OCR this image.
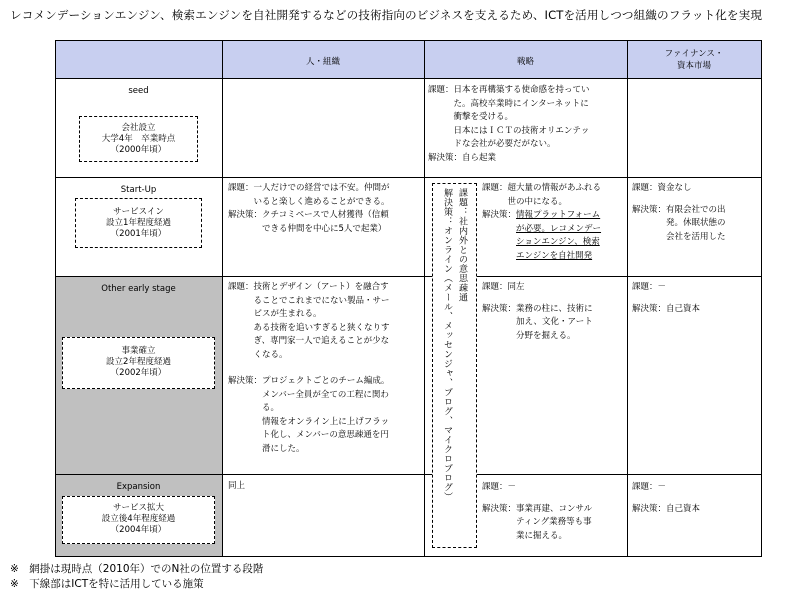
レコメンデーションエンジン、検索エンジンを自社開発するなどの技術指向のビジネスを支えるため、ICTを活用しつつ組織のフラット化を実現
人・組織	戦略
ファイナンス・
資本市場
seed
会社設立
大学4年　卒業時点
（2000年頃）
Start-Up
サービスイン
設立1年程度経過
（2001年頃）
Other early stage
事業確立
設立2年程度経過
（2002年頃）
Expansion
サービス拡大
設立後4年程度経過
（2004年頃）
課題： 一人だけでの経営では不安。仲間が
いると楽しく進めることができる。
解決策： クチコミベースで人材獲得（信頼
できる仲間を中心に5人で起業）
課題： 技術とデザイン（アート）を融合す
ることでこれまでにない製品・サー
ビスが生まれる。
ある技術を追いすぎると狭くなりす
ぎ、専門家一人で追えることが少な
くなる。
解決策： プロジェクトごとのチーム編成。
メンバー全員が全ての工程に関わ
る。
情報をオンライン上に上げフラッ
ト化し、メンバーの意思疎通を円
滑にした。
同上
課題： 日本を再構築する使命感を持ってい
た。高校卒業時にインターネットに
衝撃を受ける。
日本にはＩＣＴの技術オリエンテッ
ドな会社が必要だがない。
解決策： 自ら起業
課題：社内外との意思疎通
解決策：オンライン（メール、メッセンジャ、ブログ、マイクロブログ）	課題： 超大量の情報があふれる
世の中になる。
解決策： 情報プラットフォーム
が必要。レコメンデー
ションエンジン、検索
エンジンを自社開発
課題： 同左
解決策： 業務の柱に、技術に
加え、文化・アート
分野を掘える。
課題： －
解決策： 事業再建、コンサル
ティング業務等も事
業に掘える。
課題： 資金なし
解決策： 有限会社での出
発。休眠状態の
会社を活用した
課題： －
解決策： 自己資本
課題： －
解決策： 自己資本
※　網掛は現時点（2010年）でのN社の位置する段階
※　下線部はICTを特に活用している施策
